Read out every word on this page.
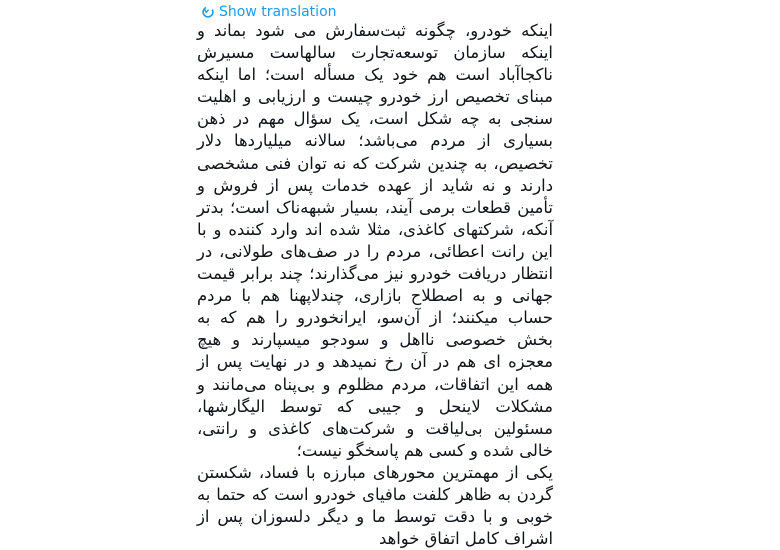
Show translation

اینکه خودرو، چگونه ثبت‌سفارش می شود بماند و اینکه سازمان توسعه‌تجارت سالهاست مسیرش ناکجاآباد است هم خود یک مسأله است؛ اما اینکه مبنای تخصیص ارز خودرو چیست و ارزیابی و اهلیت سنجی به چه شکل است، یک سؤال مهم در ذهن بسیاری از مردم می‌باشد؛ سالانه میلیاردها دلار تخصیص، به چندین شرکت که نه توان فنی مشخصی دارند و نه شاید از عهده خدمات پس از فروش و تأمین قطعات برمی آیند، بسیار شبهه‌ناک است؛ بدتر آنکه، شرکتهای کاغذی، مثلا شده اند وارد کننده و با این رانت اعطائی، مردم را در صف‌های طولانی، در انتظار دریافت خودرو نیز می‌گذارند؛ چند برابر قیمت جهانی و به اصطلاح بازاری، چندلاپهنا هم با مردم حساب میکنند؛ از آن‌سو، ایرانخودرو را هم که به بخش خصوصی نااهل و سودجو میسپارند و هیچ معجزه ای هم در آن رخ نمیدهد و در نهایت پس از همه این اتفاقات، مردم مظلوم و بی‌پناه می‌مانند و مشکلات لاینحل و جیبی که توسط الیگارشها، مسئولین بی‌لیاقت و شرکت‌های کاغذی و رانتی، خالی شده و کسی هم پاسخگو نیست؛

یکی از مهمترین محورهای مبارزه با فساد، شکستن گردن به ظاهر کلفت مافیای خودرو است که حتما به خوبی و با دقت توسط ما و دیگر دلسوزان پس از اشراف کامل اتفاق خواهد
